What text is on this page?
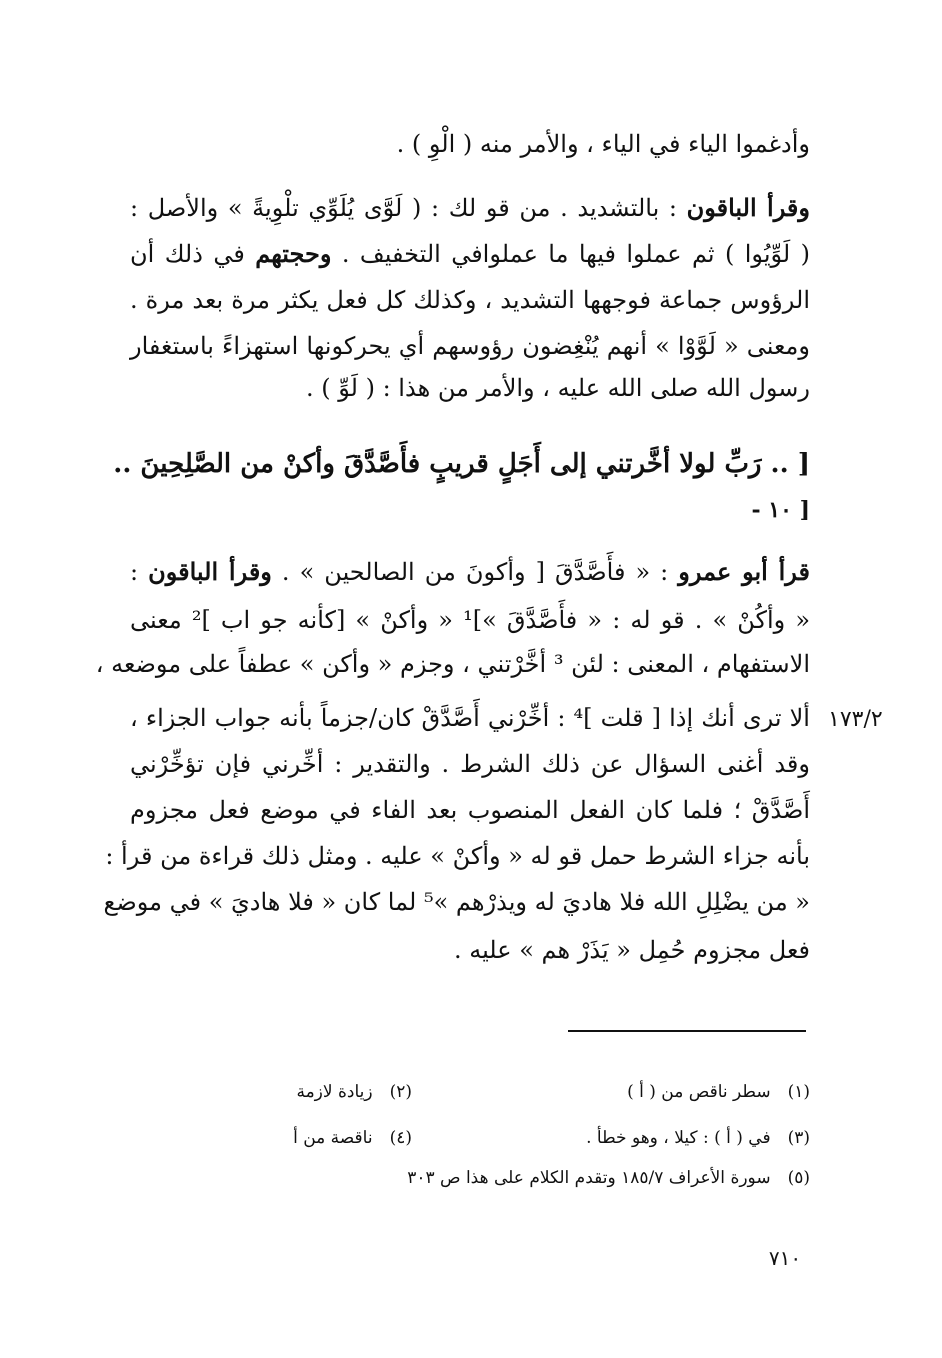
وأدغموا الياء في الياء ، والأمر منه ( الْوِ ) .
وقرأ الباقون : بالتشديد . من قو لك : ( لَوَّى يُلَوِّي تلْوِيةً » والأصل :
( لَوِّيُوا ) ثم عملوا فيها ما عملوافي التخفيف . وحجتهم في ذلك أن
الرؤوس جماعة فوجهها التشديد ، وكذلك كل فعل يكثر مرة بعد مرة .
ومعنى « لَوَّوْا » أنهم يُنْغِضون رؤوسهم أي يحركونها استهزاءً باستغفار
رسول الله صلى الله عليه ، والأمر من هذا : ( لَوِّ ) .
[ .. رَبِّ لولا أخَّرتني إلى أَجَلٍ قريبٍ فأَصَّدَّقَ وأكنْ من الصَّلِحِينَ ..
[ ١٠ -
قرأ أبو عمرو : « فأَصَّدَّقَ [ وأكونَ من الصالحين » . وقرأ الباقون :
« وأكُنْ » . قو له : « فأَصَّدَّقَ »]¹ « وأكنْ » [كأنه جو اب ]² معنى
الاستفهام ، المعنى : لئن ³ أخَّرْتني ، وجزم « وأكن » عطفاً على موضعه ،
ألا ترى أنك إذا [ قلت ]⁴ : أخِّرْني أَصَّدَّقْ كان/جزماً بأنه جواب الجزاء ،
وقد أغنى السؤال عن ذلك الشرط . والتقدير : أخِّرني فإن تؤخِّرْني
أَصَّدَّقْ ؛ فلما كان الفعل المنصوب بعد الفاء في موضع فعل مجزوم
بأنه جزاء الشرط حمل قو له « وأكنْ » عليه . ومثل ذلك قراءة من قرأ :
« من يضْلِلِ الله فلا هاديَ له ويذرْهم »⁵ لما كان « فلا هاديَ » في موضع
فعل مجزوم حُمِل « يَذَرْ هم » عليه .
١٧٣/٢
(١) سطر ناقص من ( أ )
(٢) زيادة لازمة
(٣) في ( أ ) : كيلا ، وهو خطأ .
(٤) ناقصة من أ
(٥) سورة الأعراف ١٨٥/٧ وتقدم الكلام على هذا ص ٣٠٣
٧١٠
